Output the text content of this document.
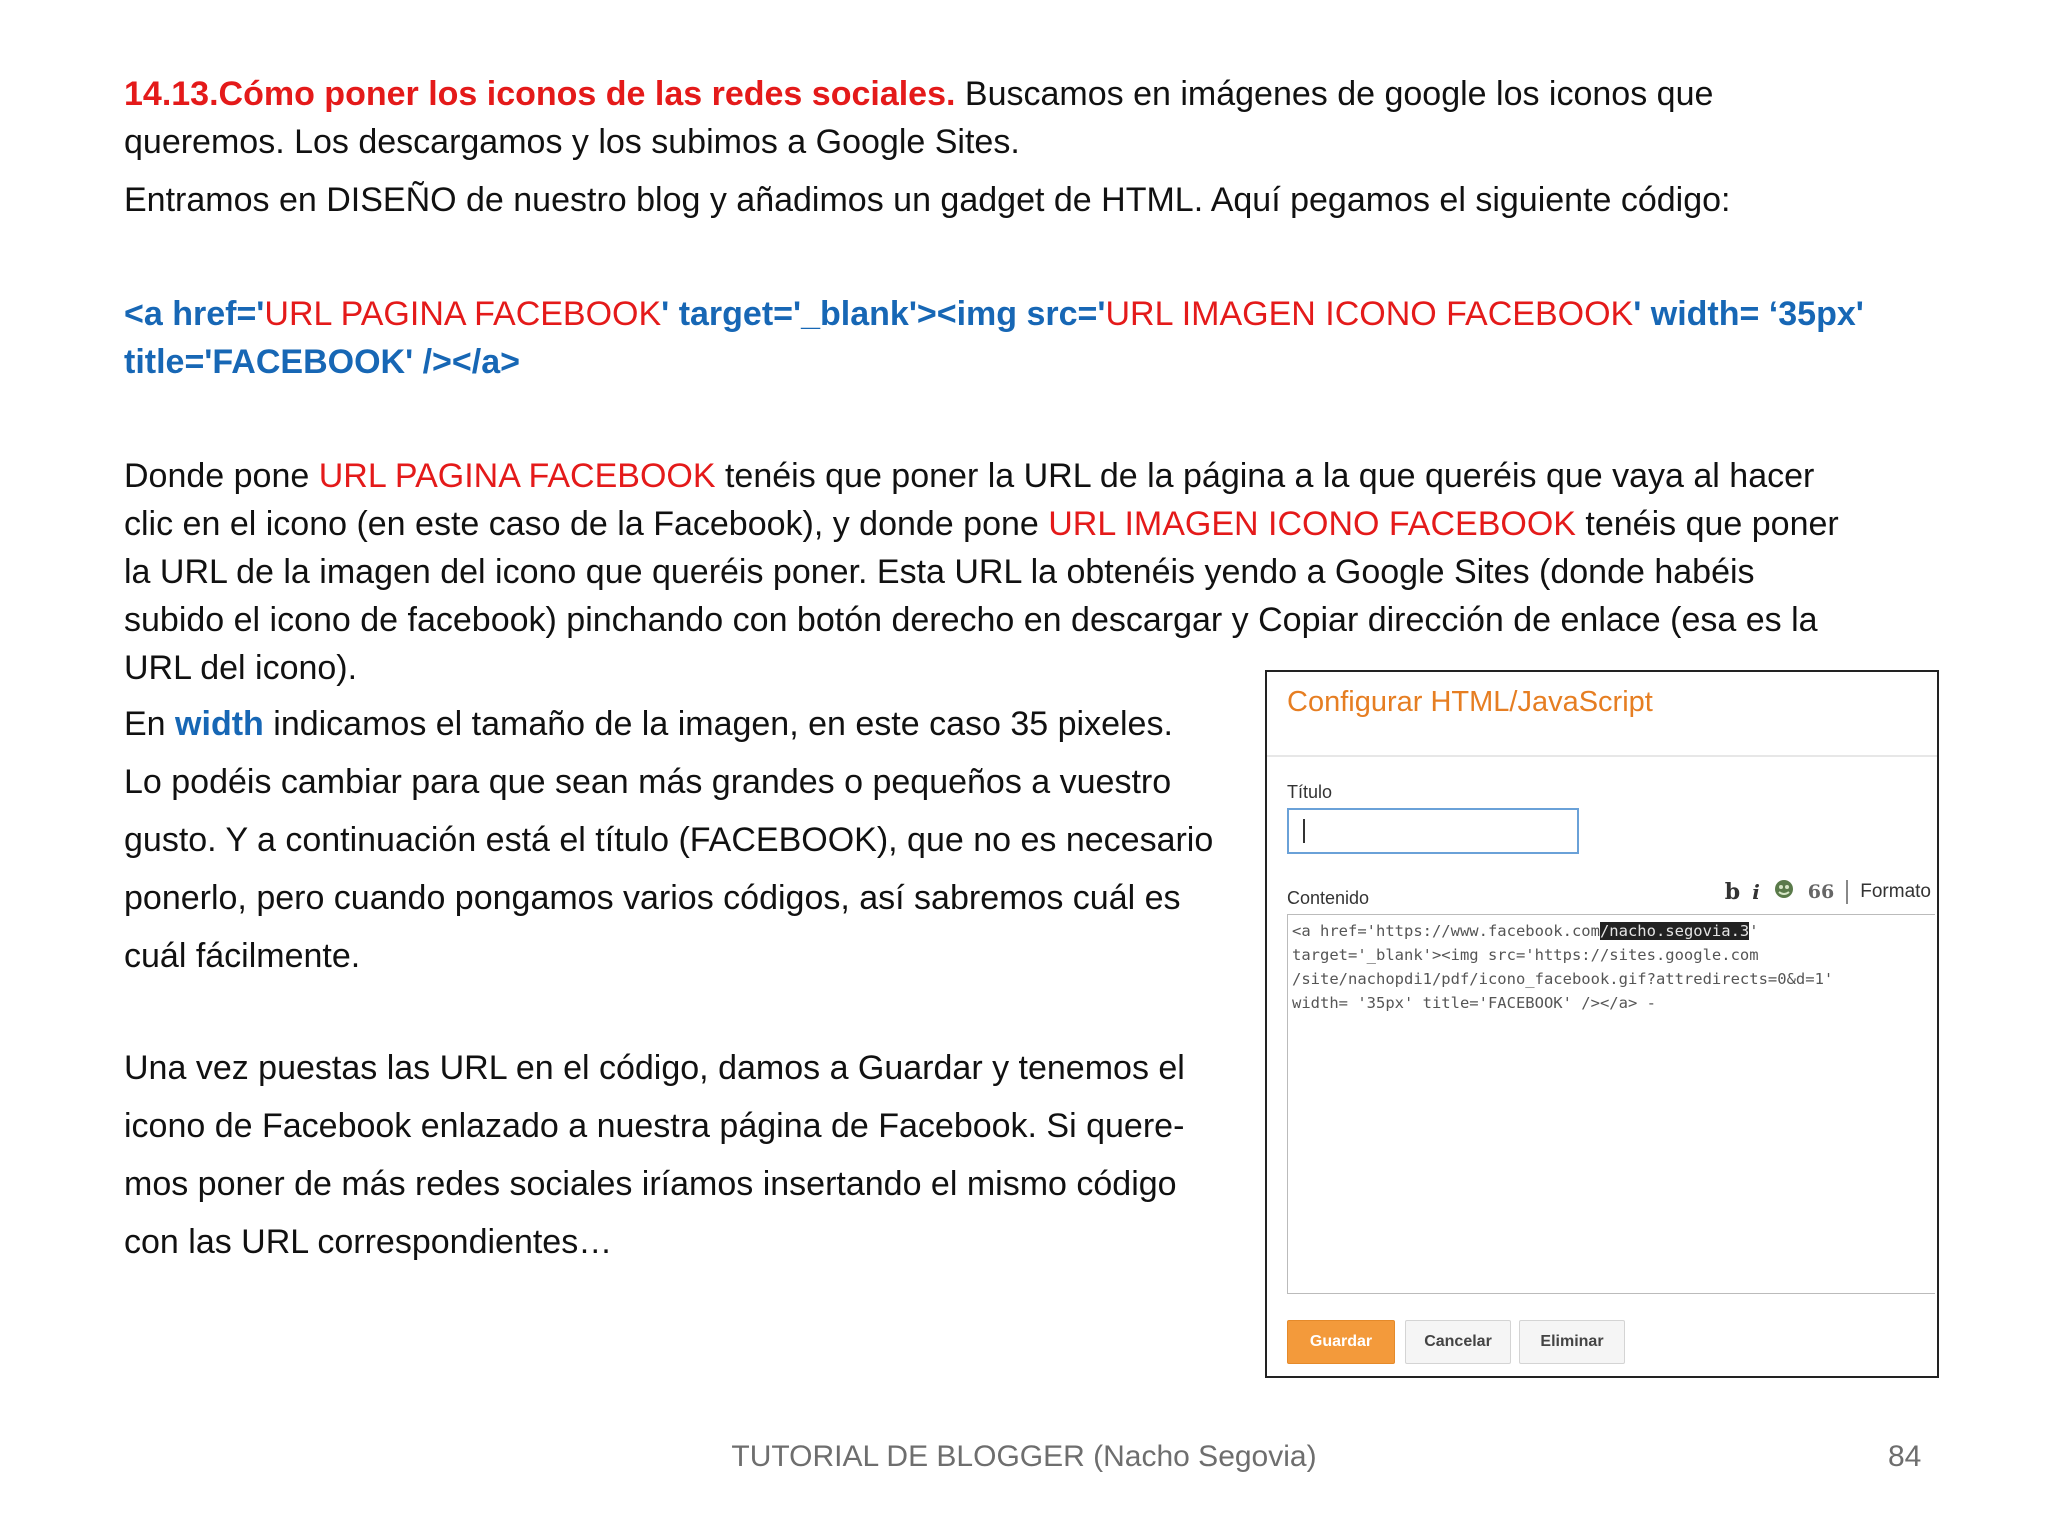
14.13.Cómo poner los iconos de las redes sociales. Buscamos en imágenes de google los iconos que

queremos. Los descargamos y los subimos a Google Sites.

Entramos en DISEÑO de nuestro blog y añadimos un gadget de HTML. Aquí pegamos el siguiente código:

<a href='URL PAGINA FACEBOOK' target='_blank'><img src='URL IMAGEN ICONO FACEBOOK' width= ‘35px'

title='FACEBOOK' /></a>

Donde pone URL PAGINA FACEBOOK tenéis que poner la URL de la página a la que queréis que vaya al hacer

clic en el icono (en este caso de la Facebook), y donde pone URL IMAGEN ICONO FACEBOOK tenéis que poner

la URL de la imagen del icono que queréis poner. Esta URL la obtenéis yendo a Google Sites (donde habéis

subido el icono de facebook) pinchando con botón derecho en descargar y Copiar dirección de enlace (esa es la

URL del icono).

En width indicamos el tamaño de la imagen, en este caso 35 pixeles.

Lo podéis cambiar para que sean más grandes o pequeños a vuestro

gusto. Y a continuación está el título (FACEBOOK), que no es necesario

ponerlo, pero cuando pongamos varios códigos, así sabremos cuál es

cuál fácilmente.

Una vez puestas las URL en el código, damos a Guardar y tenemos el

icono de Facebook enlazado a nuestra página de Facebook. Si quere-

mos poner de más redes sociales iríamos insertando el mismo código

con las URL correspondientes…

Configurar HTML/JavaScript
Título
Contenido	b i	66 Formato
<a href='https://www.facebook.com/nacho.segovia.3'
target='_blank'><img src='https://sites.google.com
/site/nachopdi1/pdf/icono_facebook.gif?attredirects=0&d=1'
width= '35px' title='FACEBOOK' /></a> -
Guardar	Cancelar	Eliminar
TUTORIAL DE BLOGGER (Nacho Segovia)	84
